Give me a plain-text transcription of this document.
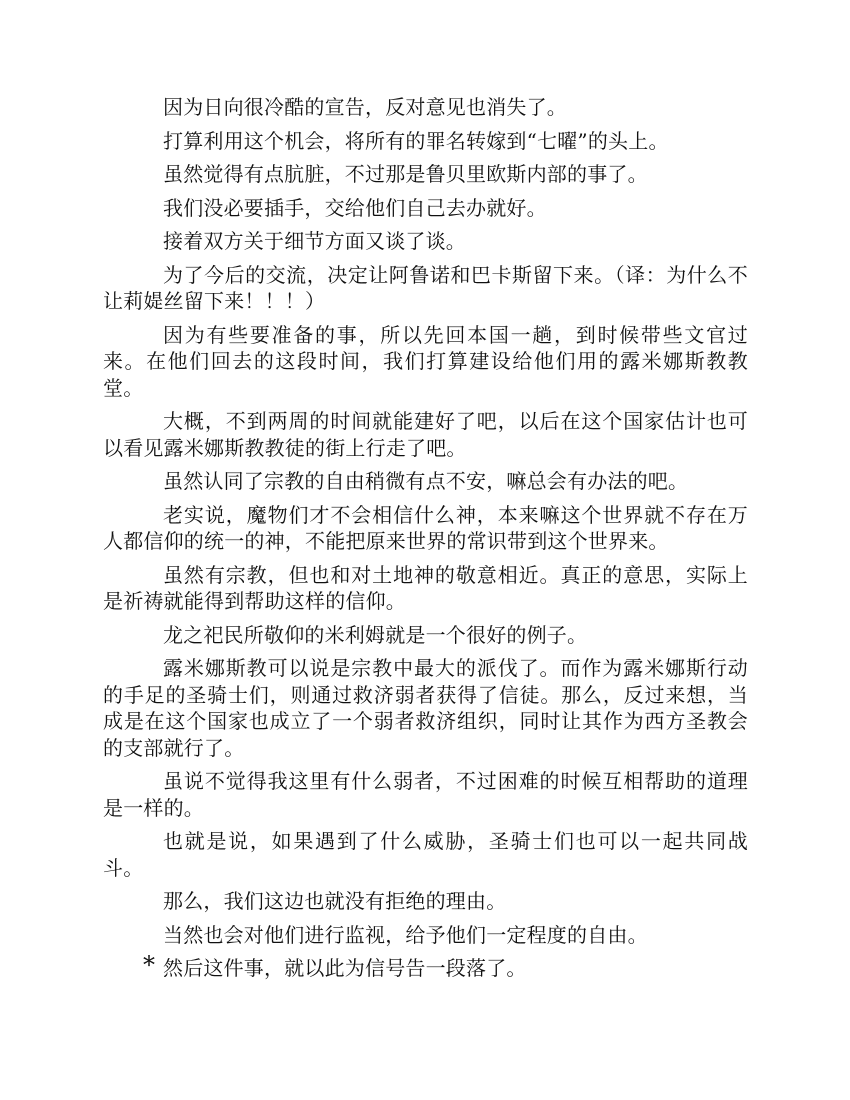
因为日向很冷酷的宣告，反对意见也消失了。

打算利用这个机会，将所有的罪名转嫁到“七曜”的头上。

虽然觉得有点肮脏，不过那是鲁贝里欧斯内部的事了。

我们没必要插手，交给他们自己去办就好。

接着双方关于细节方面又谈了谈。

为了今后的交流，决定让阿鲁诺和巴卡斯留下来。（译：为什么不让莉媞丝留下来！！！）

因为有些要准备的事，所以先回本国一趟，到时候带些文官过来。在他们回去的这段时间，我们打算建设给他们用的露米娜斯教教堂。

大概，不到两周的时间就能建好了吧，以后在这个国家估计也可以看见露米娜斯教教徒的街上行走了吧。

虽然认同了宗教的自由稍微有点不安，嘛总会有办法的吧。

老实说，魔物们才不会相信什么神，本来嘛这个世界就不存在万人都信仰的统一的神，不能把原来世界的常识带到这个世界来。

虽然有宗教，但也和对土地神的敬意相近。真正的意思，实际上是祈祷就能得到帮助这样的信仰。

龙之祀民所敬仰的米利姆就是一个很好的例子。

露米娜斯教可以说是宗教中最大的派伐了。而作为露米娜斯行动的手足的圣骑士们，则通过救济弱者获得了信徒。那么，反过来想，当成是在这个国家也成立了一个弱者救济组织，同时让其作为西方圣教会的支部就行了。

虽说不觉得我这里有什么弱者，不过困难的时候互相帮助的道理是一样的。

也就是说，如果遇到了什么威胁，圣骑士们也可以一起共同战斗。

那么，我们这边也就没有拒绝的理由。

当然也会对他们进行监视，给予他们一定程度的自由。

然后这件事，就以此为信号告一段落了。

*
